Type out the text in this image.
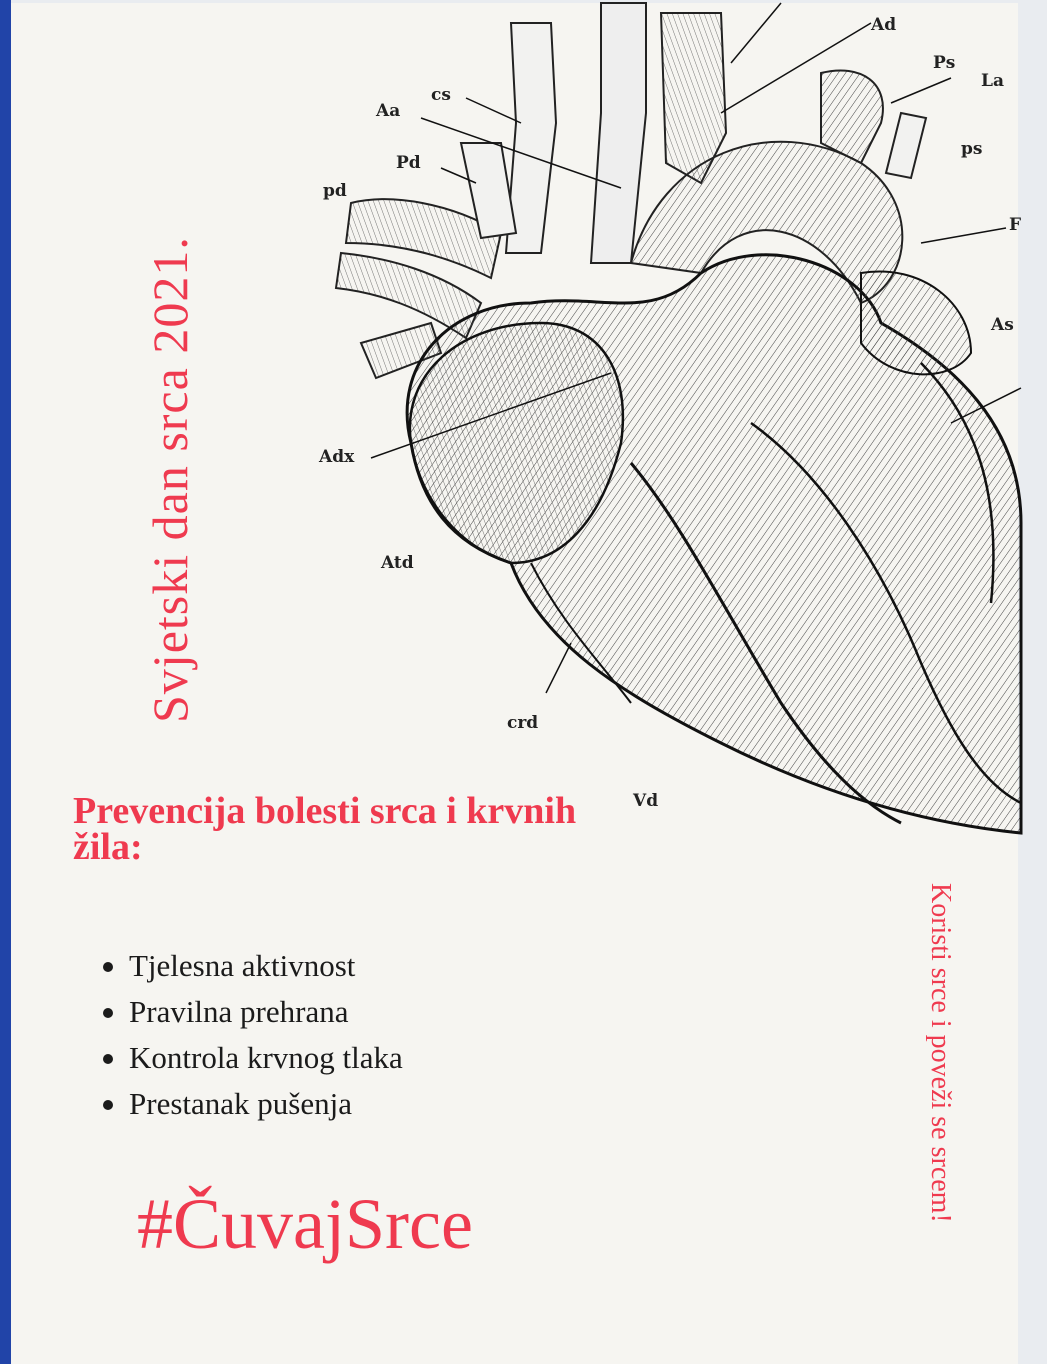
Svjetski dan srca 2021.
cs
Aa
Pd
pd
Ad
Ps
La
ps
As
Adx
Atd
crd
Vd
F
Prevencija bolesti srca i krvnih žila:
Tjelesna aktivnost
Pravilna prehrana
Kontrola krvnog tlaka
Prestanak pušenja
#ČuvajSrce
Koristi srce i poveži se srcem!
